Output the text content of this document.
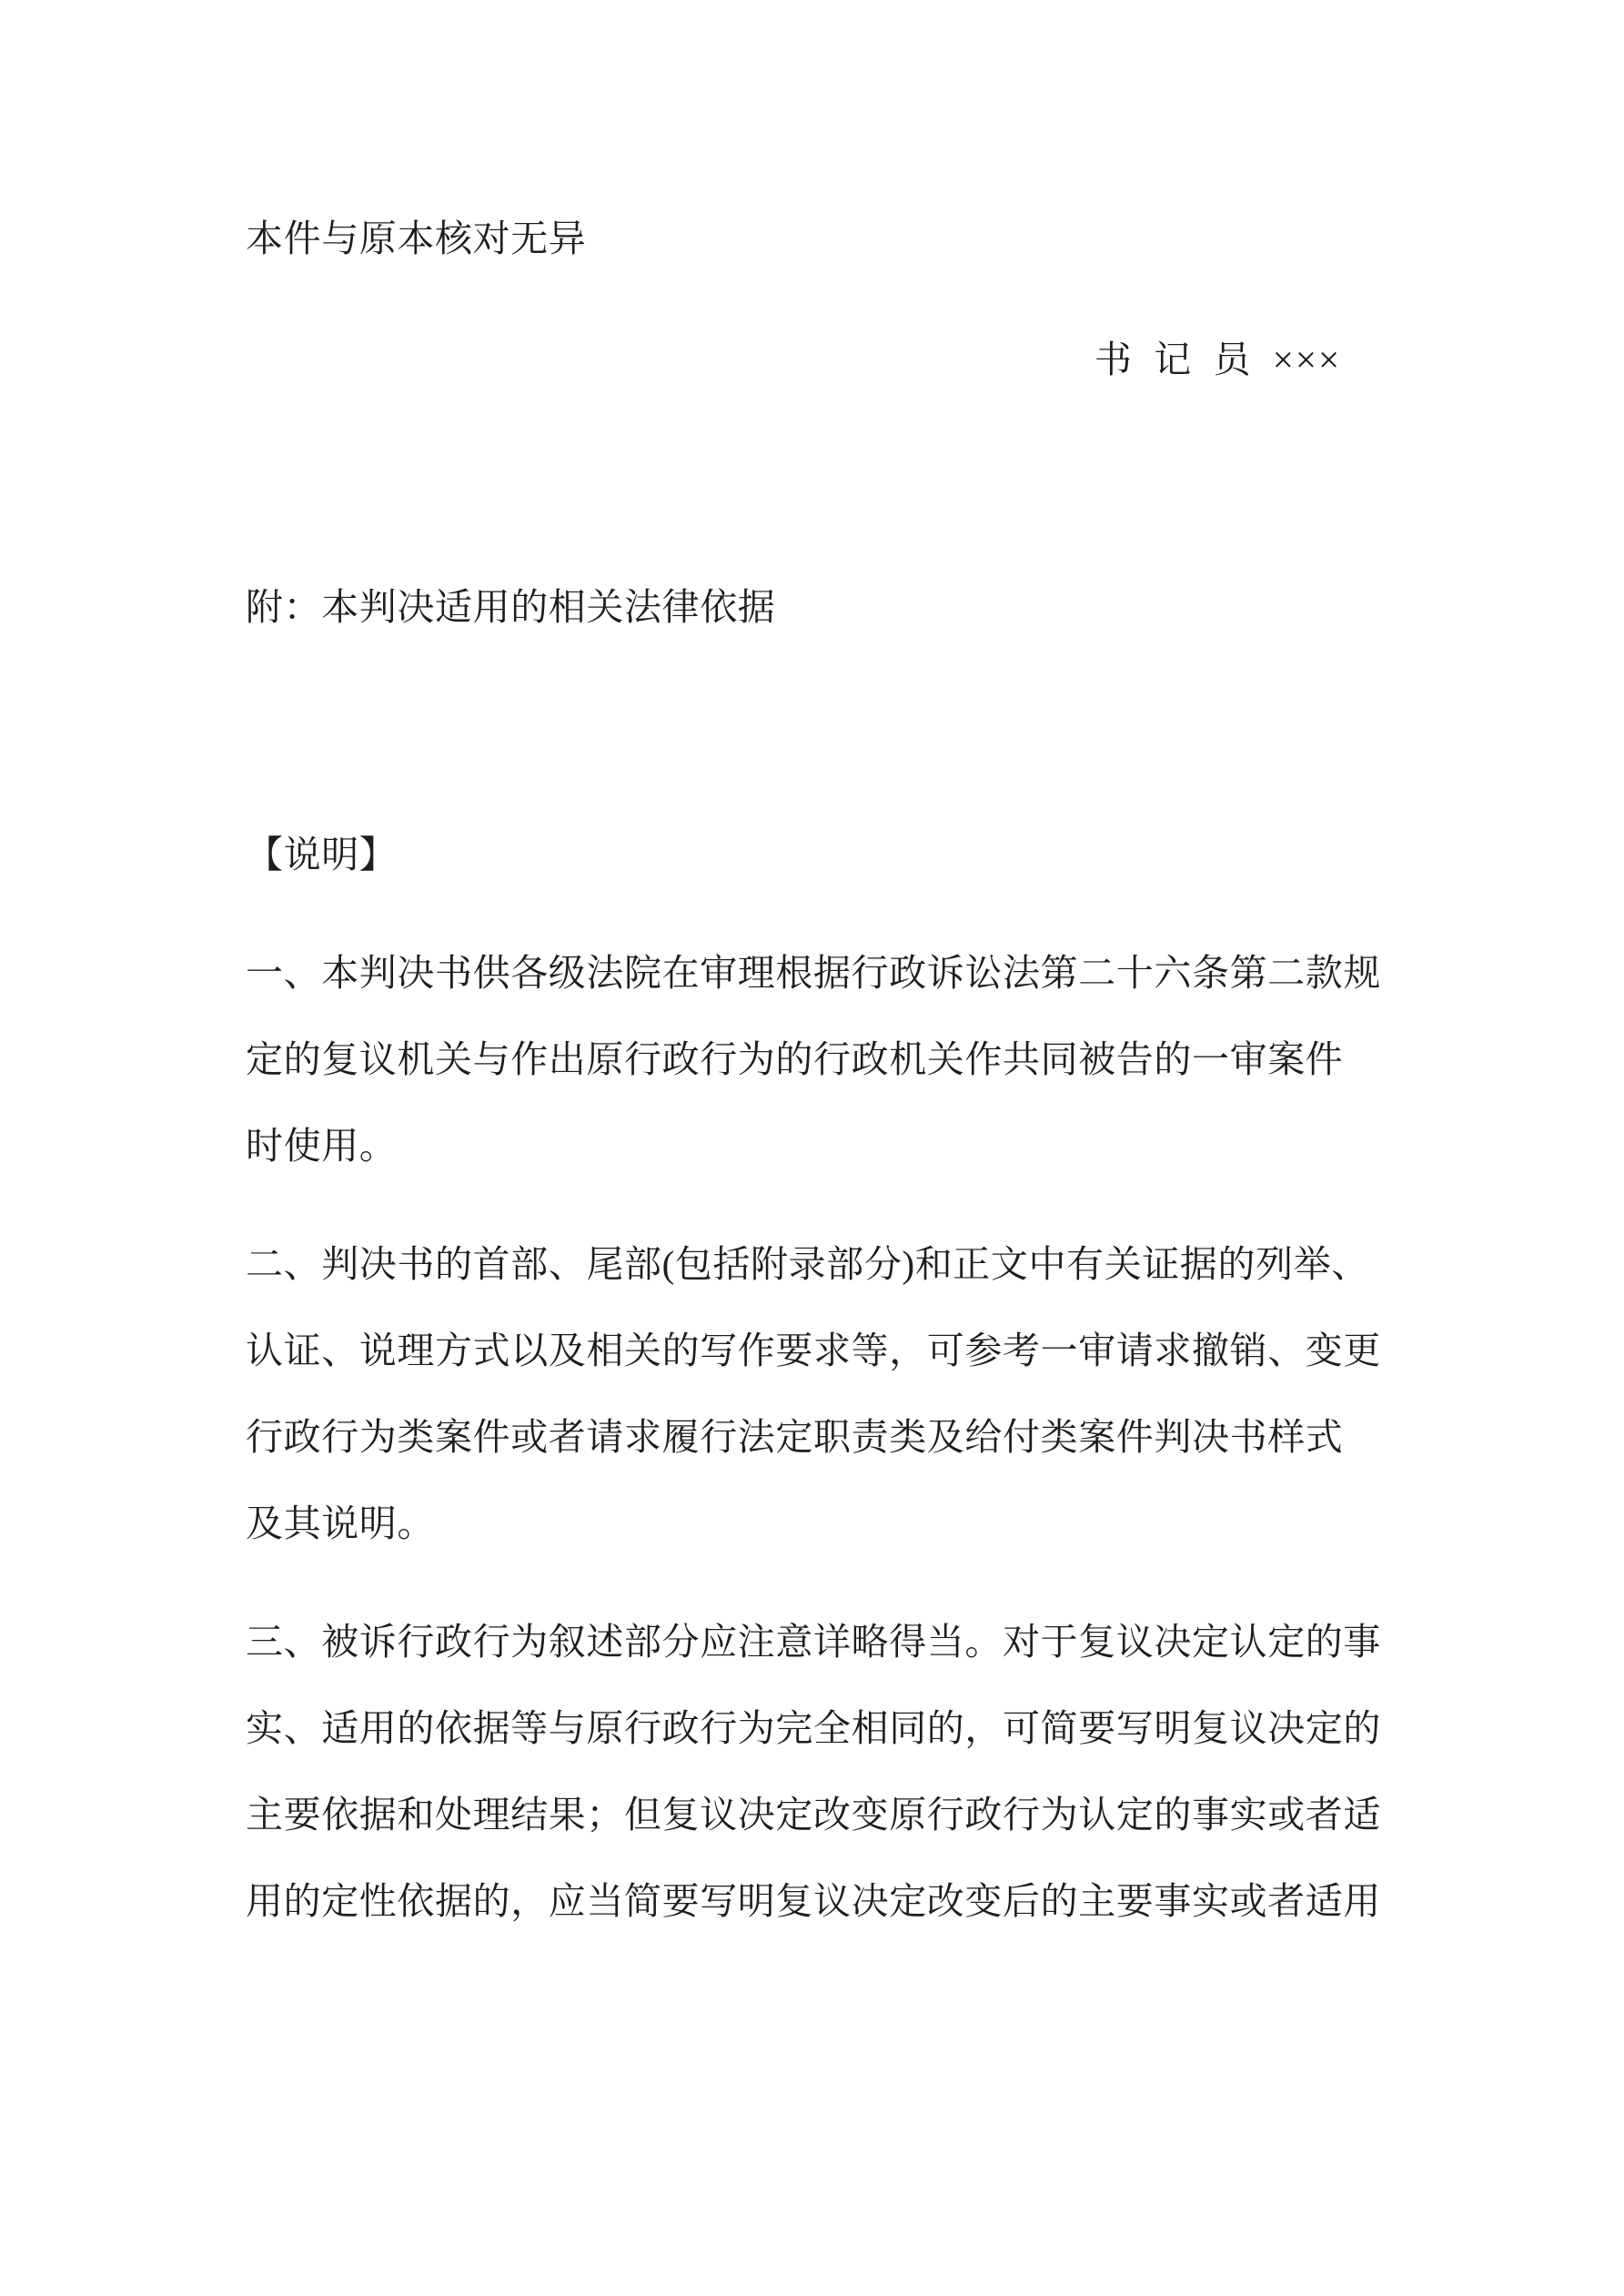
本件与原本核对无异
书 记 员 ×××
附：本判决适用的相关法律依据
【说明】
一、本判决书供各级法院在审理根据行政诉讼法第二十六条第二款规
定的复议机关与作出原行政行为的行政机关作共同被告的一审案件
时使用。
二、判决书的首部、尾部(包括附录部分)和正文中有关证据的列举、
认证、说理方式以及相关的写作要求等，可参考一审请求撤销、变更
行政行为类案件或者请求履行法定职责类及给付类案件判决书样式
及其说明。
三、被诉行政行为叙述部分应注意详略得当。对于复议决定认定的事
实、适用的依据等与原行政行为完全相同的，可简要写明复议决定的
主要依据和处理结果；但复议决定改变原行政行为认定的事实或者适
用的定性依据的，应当简要写明复议决定改变后的主要事实或者适用
